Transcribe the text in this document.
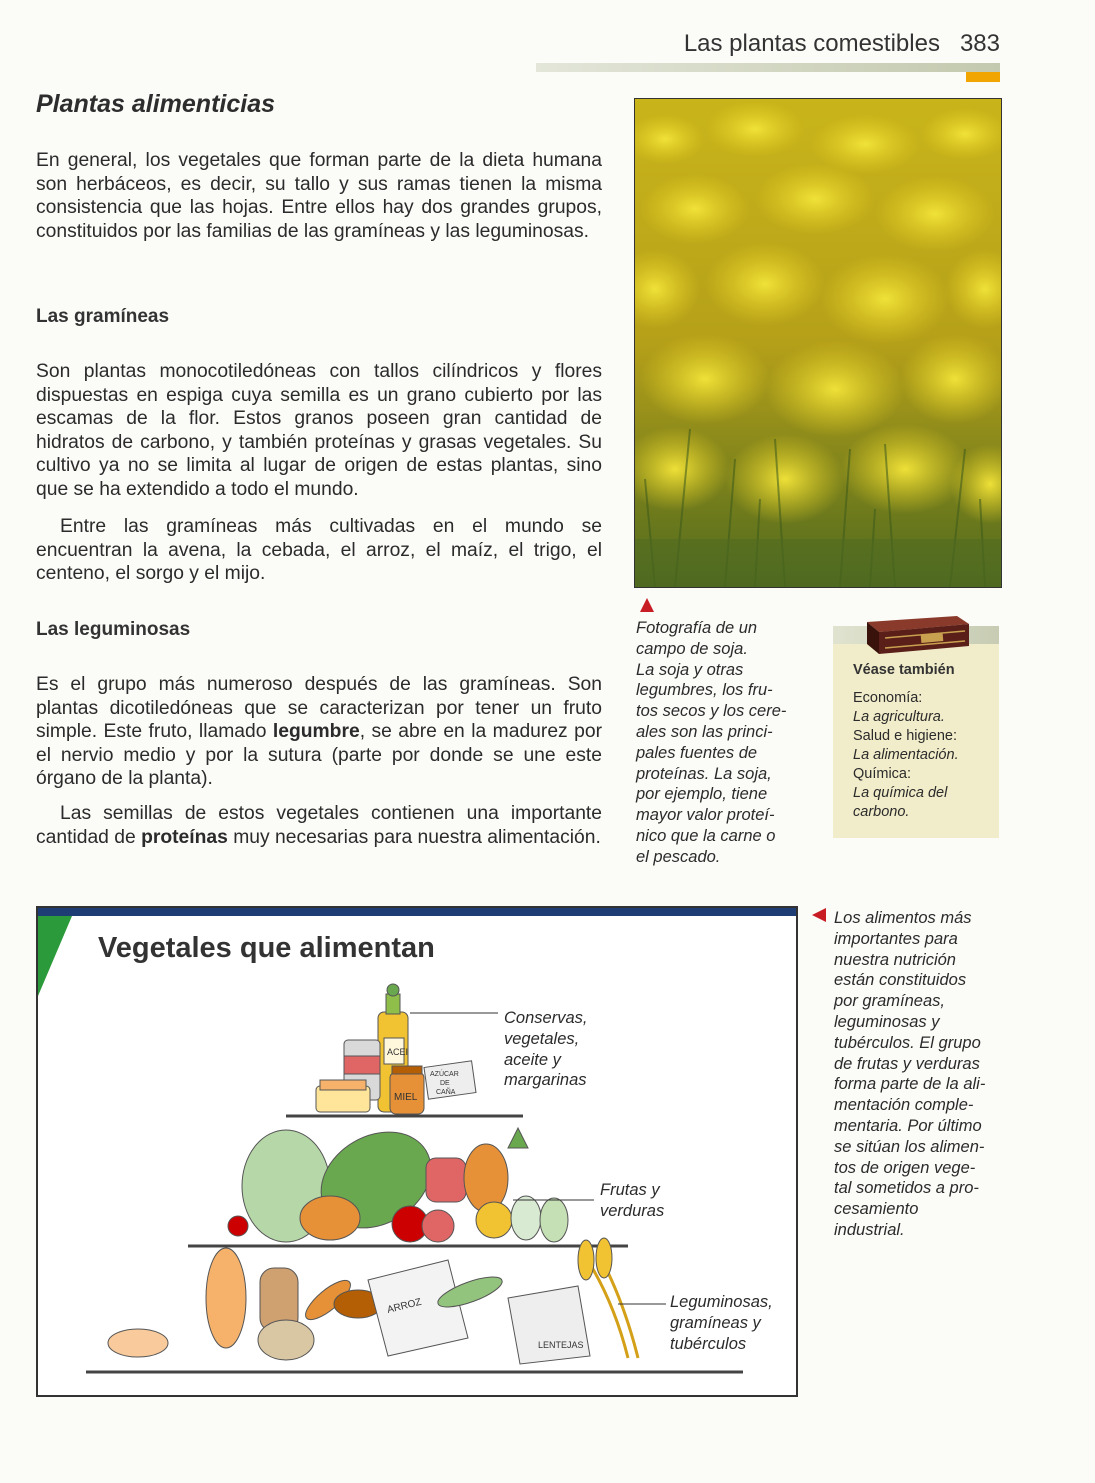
Las plantas comestibles 383
Plantas alimenticias

En general, los vegetales que forman parte de la dieta humana son herbáceos, es decir, su tallo y sus ramas tienen la misma consistencia que las hojas. Entre ellos hay dos grandes grupos, constituidos por las familias de las gramíneas y las leguminosas.

Las gramíneas

Son plantas monocotiledóneas con tallos cilíndricos y flores dispuestas en espiga cuya semilla es un grano cubierto por las escamas de la flor. Estos granos poseen gran cantidad de hidratos de carbono, y también proteínas y grasas vegetales. Su cultivo ya no se limita al lugar de origen de estas plantas, sino que se ha extendido a todo el mundo.

Entre las gramíneas más cultivadas en el mundo se encuentran la avena, la cebada, el arroz, el maíz, el trigo, el centeno, el sorgo y el mijo.

Las leguminosas

Es el grupo más numeroso después de las gramíneas. Son plantas dicotiledóneas que se caracterizan por tener un fruto simple. Este fruto, llamado legumbre, se abre en la madurez por el nervio medio y por la sutura (parte por donde se une este órgano de la planta).

Las semillas de estos vegetales contienen una importante cantidad de proteínas muy necesarias para nuestra alimentación.

Fotografía de un

campo de soja.

La soja y otras

legumbres, los fru-

tos secos y los cere-

ales son las princi-

pales fuentes de

proteínas. La soja,

por ejemplo, tiene

mayor valor proteí-

nico que la carne o

el pescado.

Véase también
Economía:
La agricultura.
Salud e higiene:
La alimentación.
Química:
La química del
carbono.
Vegetales que alimentan
ACEI
AZÚCAR
DE
CAÑA
MIEL
ARROZ
LENTEJAS
Conservas,
vegetales,
aceite y
margarinas
Frutas y
verduras
Leguminosas,
gramíneas y
tubérculos

Los alimentos más

importantes para

nuestra nutrición

están constituidos

por gramíneas,

leguminosas y

tubérculos. El grupo

de frutas y verduras

forma parte de la ali-

mentación comple-

mentaria. Por último

se sitúan los alimen-

tos de origen vege-

tal sometidos a pro-

cesamiento

industrial.
